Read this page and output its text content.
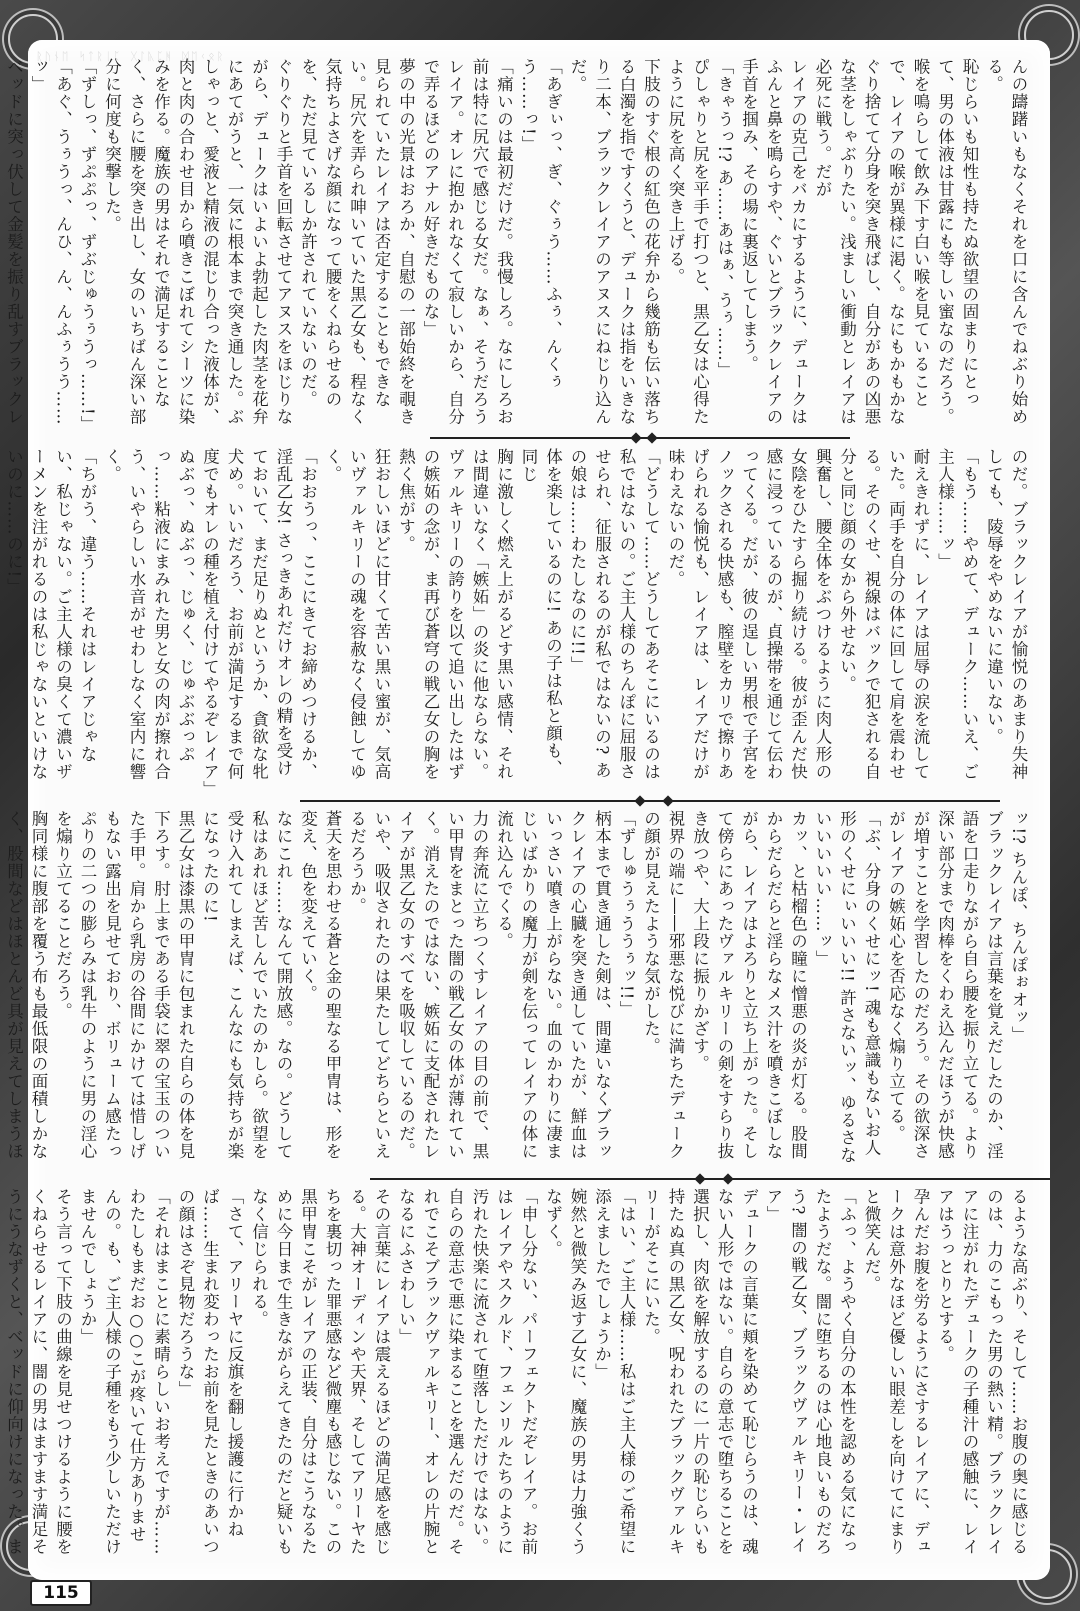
ᚱᚢᚾᛖ ᛋᛏᚱᛁᛈ ᚷᛚᚣᛈᚻ ᛞᛖᚲᛟᚱ
んの躊躇いもなくそれを口に含んでねぶり始める。
恥じらいも知性も持たぬ欲望の固まりにとって、男の体液は甘露にも等しい蜜なのだろう。
喉を鳴らして飲み下す白い喉を見ていることで、レイアの喉が異様に渇く。なにもかもかなぐり捨てて分身を突き飛ばし、自分があの凶悪な茎をしゃぶりたい。浅ましい衝動とレイアは必死に戦う。だが
レイアの克己をバカにするように、デュークはふんと鼻を鳴らすや、ぐいとブラックレイアの手首を掴み、その場に裏返してしまう。
「きゃうっ!? あ……あはぁ、うぅ……」
ぴしゃりと尻を平手で打つと、黒乙女は心得たように尻を高く突き上げる。
下肢のすぐ根の紅色の花弁から幾筋も伝い落ちる白濁を指ですくうと、デュークは指をいきなり二本、ブラックレイアのアヌスにねじり込んだ。
「あぎぃっ、ぎ、ぐぅう……ふぅ、んくぅう……っ!」
「痛いのは最初だけだ。我慢しろ。なにしろお前は特に尻穴で感じる女だ。なぁ、そうだろうレイア。オレに抱かれなくて寂しいから、自分で弄るほどのアナル好きだものな」
夢の中の光景はおろか、自慰の一部始終を覗き見られていたレイアは否定することもできない。尻穴を弄られ呻いていた黒乙女も、程なく気持ちよさげな顔になって腰をくねらせるのを、ただ見ているしか許されていないのだ。
ぐりぐりと手首を回転させてアヌスをほじりながら、デュークはいよいよ勃起した肉茎を花弁にあてがうと、一気に根本まで突き通した。ぶしゃっと、愛液と精液の混じり合った液体が、肉と肉の合わせ目から噴きこぼれてシーツに染みを作る。魔族の男はそれで満足することなく、さらに腰を突き出し、女のいちばん深い部分に何度も突撃した。
「ずしっ、ずぷぷっ、ずぶじゅうぅうっ……!」
「あぐ、うぅうっ、んひ、ん、んふぅうう……ッ」
ベッドに突っ伏して金髪を振り乱すブラックレ
のだ。ブラックレイアが愉悦のあまり失神しても、陵辱をやめないに違いない。
「もう……やめて、デューク……いえ、ご主人様……ッ」
耐えきれずに、レイアは屈辱の涙を流していた。両手を自分の体に回して肩を震わせる。そのくせ、視線はバックで犯される自分と同じ顔の女から外せない。
興奮し、腰全体をぶつけるように肉人形の女陰をひたすら掘り続ける。彼が歪んだ快感に浸っているのが、貞操帯を通じて伝わってくる。だが、彼の逞しい男根で子宮をノックされる快感も、膣壁をカリで擦りあげられる愉悦も、レイアは、レイアだけが味わえないのだ。
「どうして……どうしてあそこにいるのは私ではないの。ご主人様のちんぽに屈服させられ、征服されるのが私ではないの? あの娘は……わたしなのに!!」
体を楽しているのに! あの子は私と顔も、同じ
胸に激しく燃え上がるどす黒い感情、それは間違いなく「嫉妬」の炎に他ならない。
ヴァルキリーの誇りを以て追い出したはずの嫉妬の念が、ま再び蒼穹の戦乙女の胸を熱く焦がす。
狂おしいほどに甘くて苦い黒い蜜が、気高いヴァルキリーの魂を容赦なく侵蝕してゆく。
「おおうっ、ここにきてお締めつけるか、淫乱乙女! さっきあれだけオレの精を受けておいて、まだ足りぬというか、貪欲な牝犬め。いいだろう、お前が満足するまで何度でもオレの種を植え付けてやるぞレイア」
ぬぶっ、ぬぶっ、じゅく、じゅぶぶっぷっ……粘液にまみれた男と女の肉が擦れ合う、いやらしい水音がせわしなく室内に響く。
「ちがう、違う……それはレイアじゃない、私じゃない。ご主人様の臭くて濃いザーメンを注がれるのは私じゃないといけないのに……のに!」
ッ!? ちんぽ、ちんぽぉオッ」
ブラックレイアは言葉を覚えだしたのか、淫語を口走りながら自ら腰を振り立てる。より深い部分まで肉棒をくわえ込んだほうが快感が増すことを学習したのだろう。その欲深さがレイアの嫉妬心を否応なく煽り立てる。
「ぶ、分身のくせにッ! 魂も意識もないお人形のくせにぃいいい!! 許さないッ、ゆるさないいいいい……ッ」
カッ、と枯榴色の瞳に憎悪の炎が灯る。股間からだらだらと淫らなメス汁を噴きこぼしながら、レイアはよろりと立ち上がった。そして傍らにあったヴァルキリーの剣をすらり抜き放つや、大上段に振りかざす。
視界の端に――邪悪な悦びに満ちたデュークの顔が見えたような気がした。
「ずしゅうぅううぅッ!!」
柄本まで貫き通した剣は、間違いなくブラックレイアの心臓を突き通していたが、鮮血はいっさい噴き上がらない。血のかわりに凄まじいばかりの魔力が剣を伝ってレイアの体に流れ込んでくる。
力の奔流に立ちつくすレイアの目の前で、黒い甲冑をまとった闇の戦乙女の体が薄れていく。消えたのではない、嫉妬に支配されたレイアが黒乙女のすべてを吸収しているのだ。いや、吸収されたのは果たしてどちらといえるだろうか。
蒼天を思わせる蒼と金の聖なる甲冑は、形を変え、色を変えていく。
なにこれ……なんて開放感。なの。どうして私はあれほど苦しんでいたのかしら。欲望を受け入れてしまえば、こんなにも気持ちが楽になったのに!
黒乙女は漆黒の甲冑に包まれた自らの体を見下ろす。肘上まである手袋に翠の宝玉のついた手甲。肩から乳房の谷間にかけては惜しげもない露出を見せており、ボリューム感たっぷりの二つの膨らみは乳牛のように男の淫心を煽り立てることだろう。
胸同様に腹部を覆う布も最低限の面積しかなく、股間などはほとんど具が見えてしまうほ
るような高ぶり、そして……お腹の奥に感じるのは、力のこもった男の熱い精。ブラックレイアに注がれたデュークの子種汁の感触に、レイアはうっとりとする。
孕んだお腹を労るようにさするレイアに、デュークは意外なほど優しい眼差しを向けてにまりと微笑んだ。
「ふっ、ようやく自分の本性を認める気になったようだな。闇に堕ちるのは心地良いものだろう? 闇の戦乙女、ブラックヴァルキリー・レイア」
デュークの言葉に頬を染めて恥じらうのは、魂ない人形ではない。自らの意志で堕ちることを選択し、肉欲を解放するのに一片の恥じらいも持たぬ真の黒乙女、呪われたブラックヴァルキリーがそこにいた。
「はい、ご主人様……私はご主人様のご希望に添えましたでしょうか」
婉然と微笑み返す乙女に、魔族の男は力強くうなずく。
「申し分ない、パーフェクトだぞレイア。お前はレイアやスクルド、フェンリルたちのように汚れた快楽に流されて堕落しただけではない。自らの意志で悪に染まることを選んだのだ。それでこそブラックヴァルキリー、オレの片腕となるにふさわしい」
その言葉にレイアは震えるほどの満足感を感じる。大神オーディンや天界、そしてアリーヤたちを裏切った罪悪感など微塵も感じない。この黒甲冑こそがレイアの正装、自分はこうなるために今日まで生きながらえてきたのだと疑いもなく信じられる。
「さて、アリーヤに反旗を翻し援護に行かねば……生まれ変わったお前を見たときのあいつの顔はさぞ見物だろうな」
「それはまことに素晴らしいお考えですが……わたしもまだお○○こが疼いて仕方ありませんの。も、ご主人様の子種をもう少しいただけませんでしょうか」
そう言って下肢の曲線を見せつけるように腰をくねらせるレイアに、闇の男はますます満足そうにうなずくと、ベッドに仰向けになった。ま
115
